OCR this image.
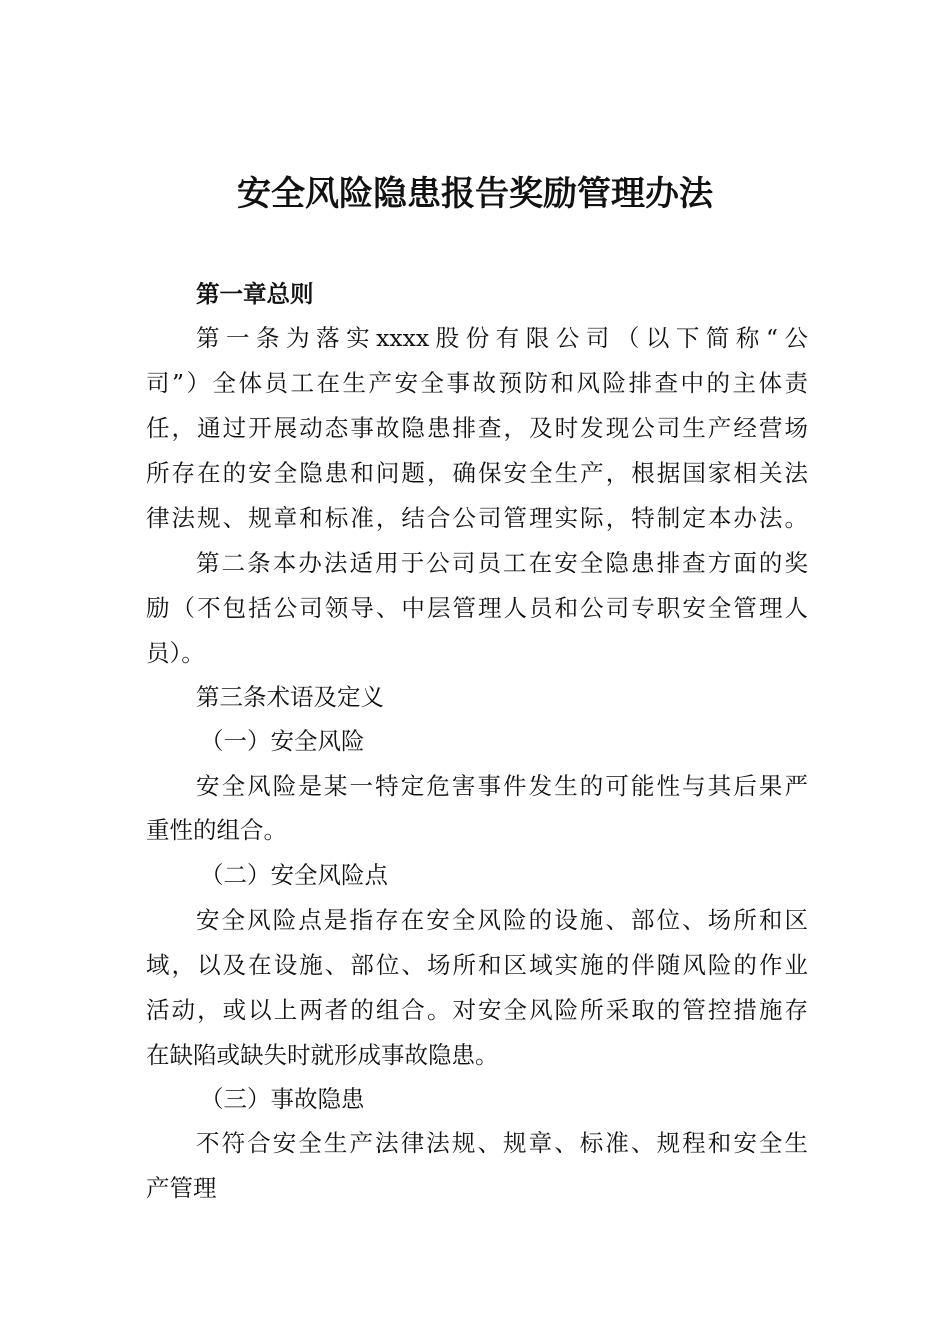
安全风险隐患报告奖励管理办法
第一章总则
第一条为落实xxxx股份有限公司（以下简称“公
司”）全体员工在生产安全事故预防和风险排查中的主体责
任，通过开展动态事故隐患排查，及时发现公司生产经营场
所存在的安全隐患和问题，确保安全生产，根据国家相关法
律法规、规章和标准，结合公司管理实际，特制定本办法。
第二条本办法适用于公司员工在安全隐患排查方面的奖
励（不包括公司领导、中层管理人员和公司专职安全管理人
员）。
第三条术语及定义
（一）安全风险
安全风险是某一特定危害事件发生的可能性与其后果严
重性的组合。
（二）安全风险点
安全风险点是指存在安全风险的设施、部位、场所和区
域，以及在设施、部位、场所和区域实施的伴随风险的作业
活动，或以上两者的组合。对安全风险所采取的管控措施存
在缺陷或缺失时就形成事故隐患。
（三）事故隐患
不符合安全生产法律法规、规章、标准、规程和安全生
产管理
